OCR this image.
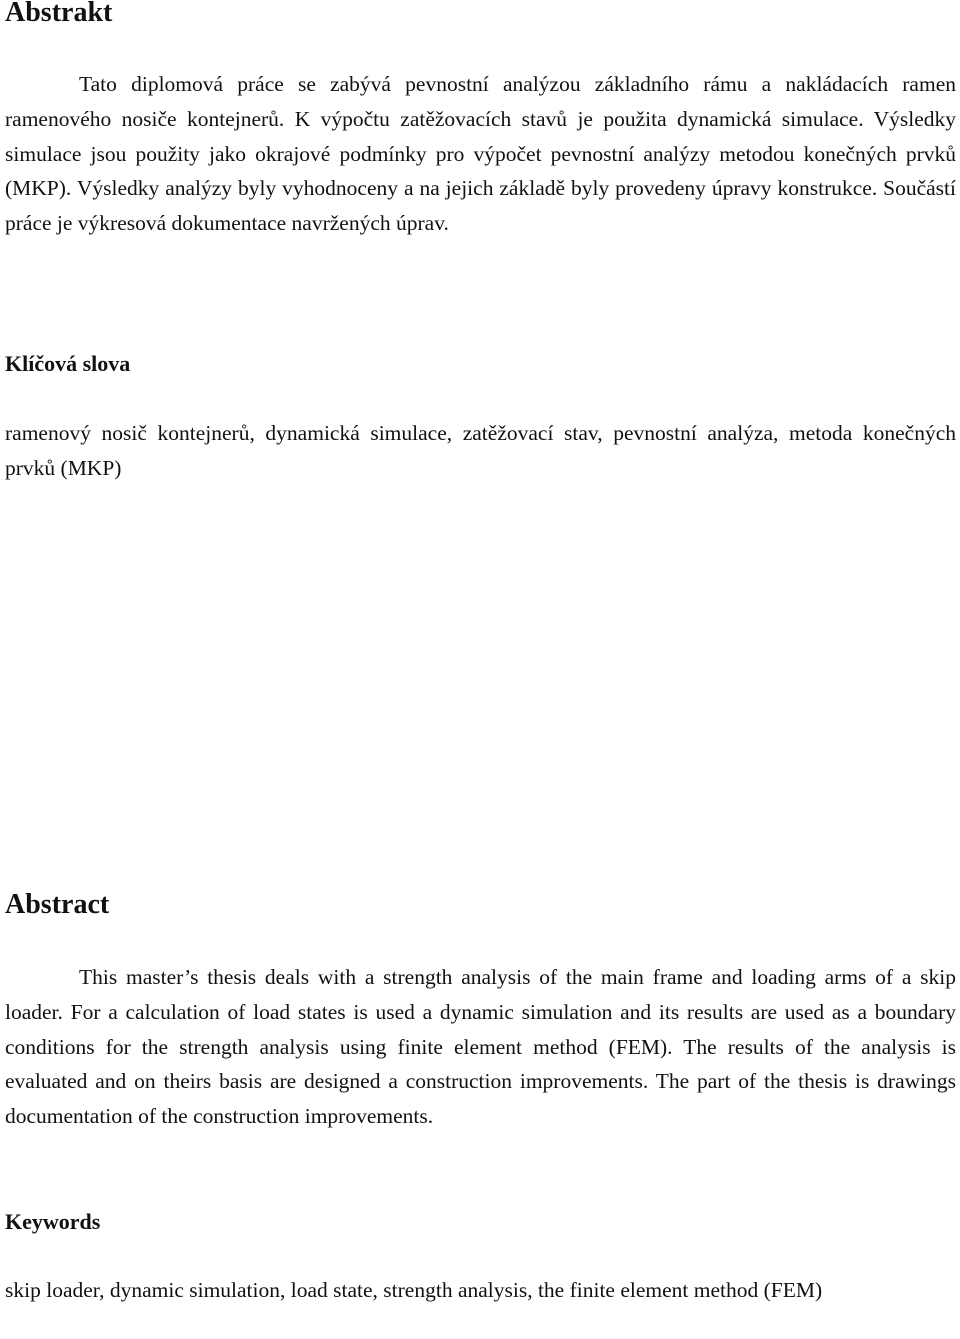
Abstrakt

Tato diplomová práce se zabývá pevnostní analýzou základního rámu a nakládacích ramen ramenového nosiče kontejnerů. K výpočtu zatěžovacích stavů je použita dynamická simulace. Výsledky simulace jsou použity jako okrajové podmínky pro výpočet pevnostní analýzy metodou konečných prvků (MKP). Výsledky analýzy byly vyhodnoceny a na jejich základě byly provedeny úpravy konstrukce. Součástí práce je výkresová dokumentace navržených úprav.

Klíčová slova

ramenový nosič kontejnerů, dynamická simulace, zatěžovací stav, pevnostní analýza, metoda konečných prvků (MKP)

Abstract

This master’s thesis deals with a strength analysis of the main frame and loading arms of a skip loader. For a calculation of load states is used a dynamic simulation and its results are used as a boundary conditions for the strength analysis using finite element method (FEM). The results of the analysis is evaluated and on theirs basis are designed a construction improvements. The part of the thesis is drawings documentation of the construction improvements.

Keywords

skip loader, dynamic simulation, load state, strength analysis, the finite element method (FEM)
